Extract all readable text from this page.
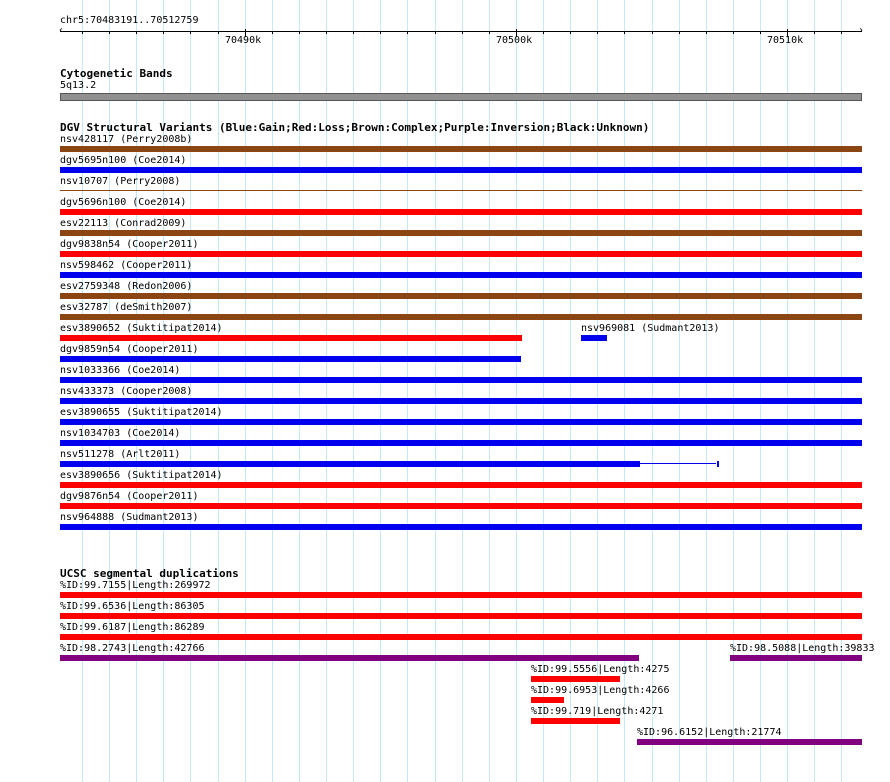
chr5:70483191..70512759
‹	›
70490k	70500k	70510k
Cytogenetic Bands
5q13.2
DGV Structural Variants (Blue:Gain;Red:Loss;Brown:Complex;Purple:Inversion;Black:Unknown)
nsv428117 (Perry2008b)
dgv5695n100 (Coe2014)
nsv10707 (Perry2008)
dgv5696n100 (Coe2014)
esv22113 (Conrad2009)
dgv9838n54 (Cooper2011)
nsv598462 (Cooper2011)
esv2759348 (Redon2006)
esv32787 (deSmith2007)
esv3890652 (Suktitipat2014)	nsv969081 (Sudmant2013)
dgv9859n54 (Cooper2011)
nsv1033366 (Coe2014)
nsv433373 (Cooper2008)
esv3890655 (Suktitipat2014)
nsv1034703 (Coe2014)
nsv511278 (Arlt2011)
esv3890656 (Suktitipat2014)
dgv9876n54 (Cooper2011)
nsv964888 (Sudmant2013)
UCSC segmental duplications
%ID:99.7155|Length:269972
%ID:99.6536|Length:86305
%ID:99.6187|Length:86289
%ID:98.2743|Length:42766	%ID:98.5088|Length:39833
%ID:99.5556|Length:4275
%ID:99.6953|Length:4266
%ID:99.719|Length:4271
%ID:96.6152|Length:21774
